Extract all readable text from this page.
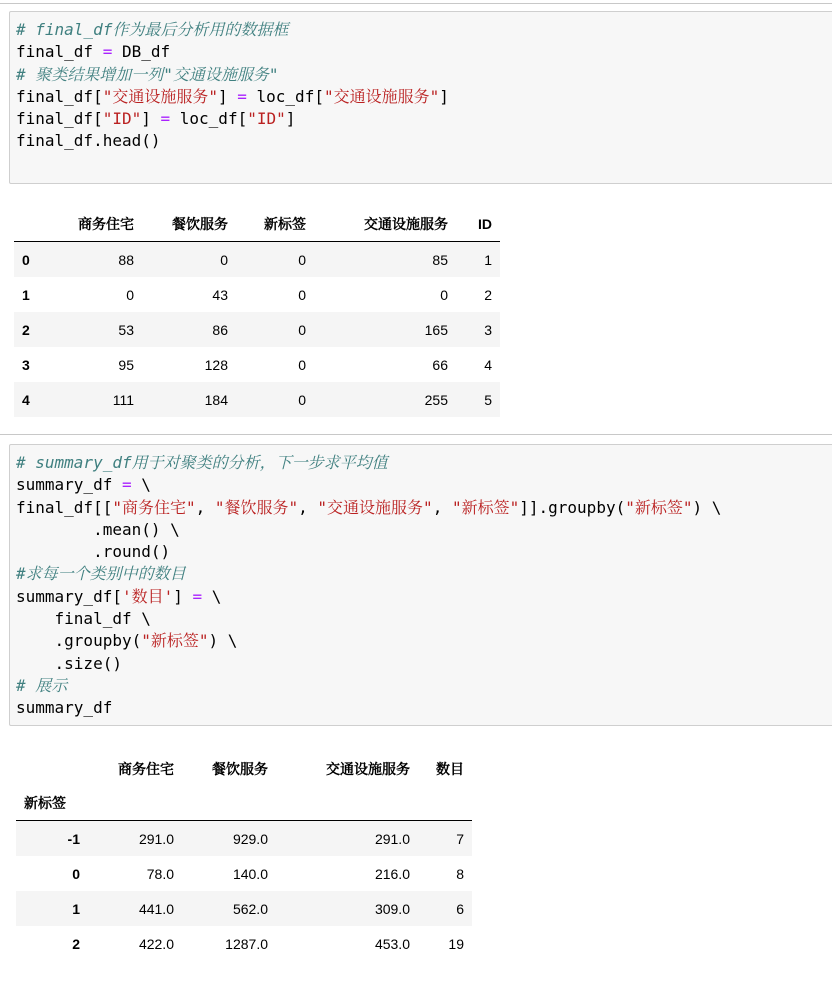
# final_df作为最后分析用的数据框
final_df = DB_df
# 聚类结果增加一列"交通设施服务"
final_df["交通设施服务"] = loc_df["交通设施服务"]
final_df["ID"] = loc_df["ID"]
final_df.head()
	商务住宅	餐饮服务	新标签	交通设施服务	ID
0	88	0	0	85	1
1	0	43	0	0	2
2	53	86	0	165	3
3	95	128	0	66	4
4	111	184	0	255	5
# summary_df用于对聚类的分析，下一步求平均值
summary_df = \
final_df[["商务住宅", "餐饮服务", "交通设施服务", "新标签"]].groupby("新标签") \
.mean() \
.round()
#求每一个类别中的数目
summary_df['数目'] = \
final_df \
.groupby("新标签") \
.size()
# 展示
summary_df
	商务住宅	餐饮服务	交通设施服务	数目
新标签				
-1	291.0	929.0	291.0	7
0	78.0	140.0	216.0	8
1	441.0	562.0	309.0	6
2	422.0	1287.0	453.0	19
